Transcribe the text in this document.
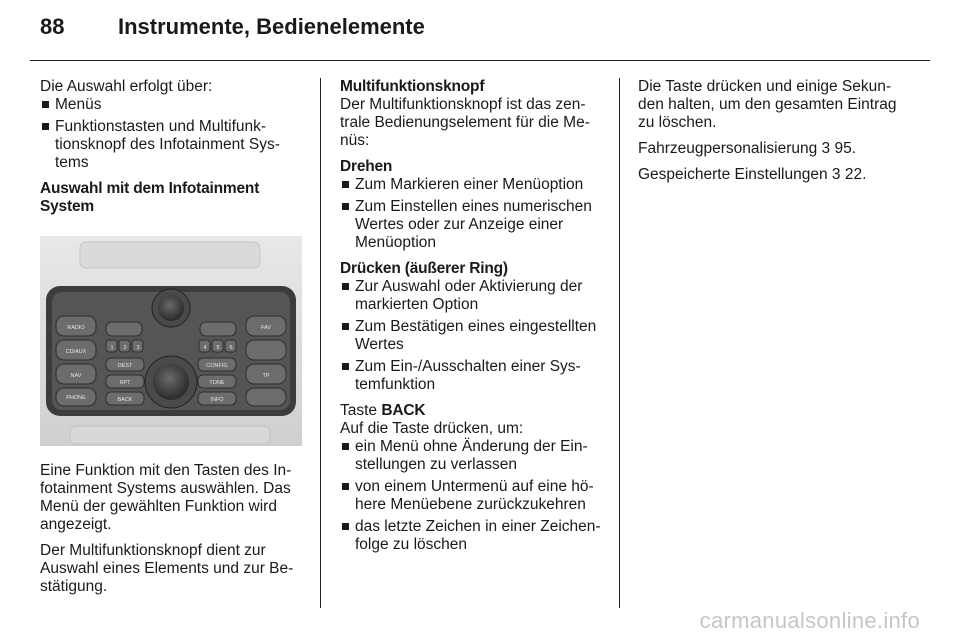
88 Instrumente, Bedienelemente

Die Auswahl erfolgt über:

Menüs
Funktionstasten und Multifunk- tionsknopf des Infotainment Sys- tems

Auswahl mit dem Infotainment System

RADIO
CD/AUX
NAV
PHONE
FAV
TP
1 2 3	4 5 6
DEST
RPT
BACK
CONFIG
TONE
INFO

Eine Funktion mit den Tasten des In- fotainment Systems auswählen. Das Menü der gewählten Funktion wird angezeigt.

Der Multifunktionsknopf dient zur Auswahl eines Elements und zur Be- stätigung.

Multifunktionsknopf

Der Multifunktionsknopf ist das zen- trale Bedienungselement für die Me- nüs:

Drehen

Zum Markieren einer Menüoption
Zum Einstellen eines numerischen Wertes oder zur Anzeige einer Menüoption

Drücken (äußerer Ring)

Zur Auswahl oder Aktivierung der markierten Option
Zum Bestätigen eines eingestellten Wertes
Zum Ein-/Ausschalten einer Sys- temfunktion

Taste BACK

Auf die Taste drücken, um:

ein Menü ohne Änderung der Ein- stellungen zu verlassen
von einem Untermenü auf eine hö- here Menüebene zurückzukehren
das letzte Zeichen in einer Zeichen- folge zu löschen

Die Taste drücken und einige Sekun- den halten, um den gesamten Eintrag zu löschen.

Fahrzeugpersonalisierung 3 95.

Gespeicherte Einstellungen 3 22.

carmanualsonline.info
